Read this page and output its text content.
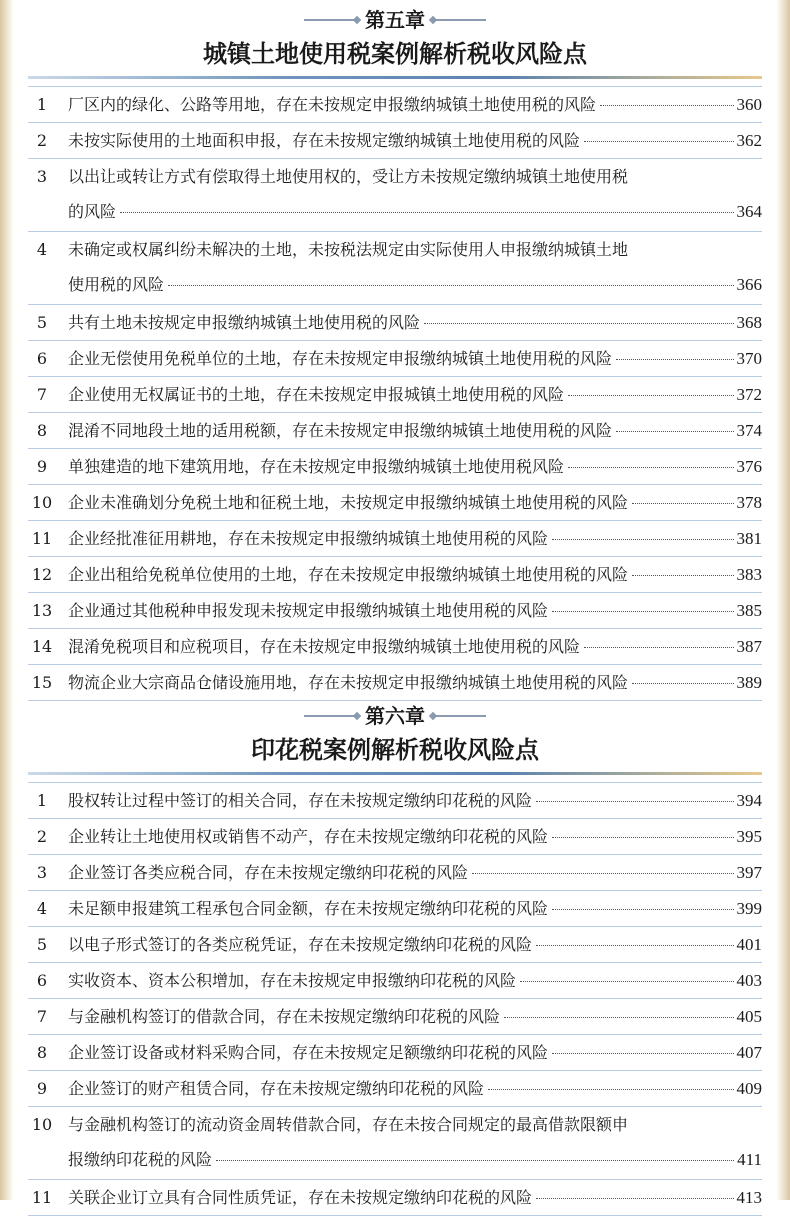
第五章
城镇土地使用税案例解析税收风险点
1	厂区内的绿化、公路等用地，存在未按规定申报缴纳城镇土地使用税的风险	360
2	未按实际使用的土地面积申报，存在未按规定缴纳城镇土地使用税的风险	362
3	以出让或转让方式有偿取得土地使用权的，受让方未按规定缴纳城镇土地使用税
的风险	364
4	未确定或权属纠纷未解决的土地，未按税法规定由实际使用人申报缴纳城镇土地
使用税的风险	366
5	共有土地未按规定申报缴纳城镇土地使用税的风险	368
6	企业无偿使用免税单位的土地，存在未按规定申报缴纳城镇土地使用税的风险	370
7	企业使用无权属证书的土地，存在未按规定申报城镇土地使用税的风险	372
8	混淆不同地段土地的适用税额，存在未按规定申报缴纳城镇土地使用税的风险	374
9	单独建造的地下建筑用地，存在未按规定申报缴纳城镇土地使用税风险	376
10 企业未准确划分免税土地和征税土地，未按规定申报缴纳城镇土地使用税的风险	378
11 企业经批准征用耕地，存在未按规定申报缴纳城镇土地使用税的风险	381
12 企业出租给免税单位使用的土地，存在未按规定申报缴纳城镇土地使用税的风险	383
13 企业通过其他税种申报发现未按规定申报缴纳城镇土地使用税的风险	385
14 混淆免税项目和应税项目，存在未按规定申报缴纳城镇土地使用税的风险	387
15 物流企业大宗商品仓储设施用地，存在未按规定申报缴纳城镇土地使用税的风险	389
第六章
印花税案例解析税收风险点
1	股权转让过程中签订的相关合同，存在未按规定缴纳印花税的风险	394
2	企业转让土地使用权或销售不动产，存在未按规定缴纳印花税的风险	395
3	企业签订各类应税合同，存在未按规定缴纳印花税的风险	397
4	未足额申报建筑工程承包合同金额，存在未按规定缴纳印花税的风险	399
5	以电子形式签订的各类应税凭证，存在未按规定缴纳印花税的风险	401
6	实收资本、资本公积增加，存在未按规定申报缴纳印花税的风险	403
7	与金融机构签订的借款合同，存在未按规定缴纳印花税的风险	405
8	企业签订设备或材料采购合同，存在未按规定足额缴纳印花税的风险	407
9	企业签订的财产租赁合同，存在未按规定缴纳印花税的风险	409
10 与金融机构签订的流动资金周转借款合同，存在未按合同规定的最高借款限额申
报缴纳印花税的风险	411
11 关联企业订立具有合同性质凭证，存在未按规定缴纳印花税的风险	413
